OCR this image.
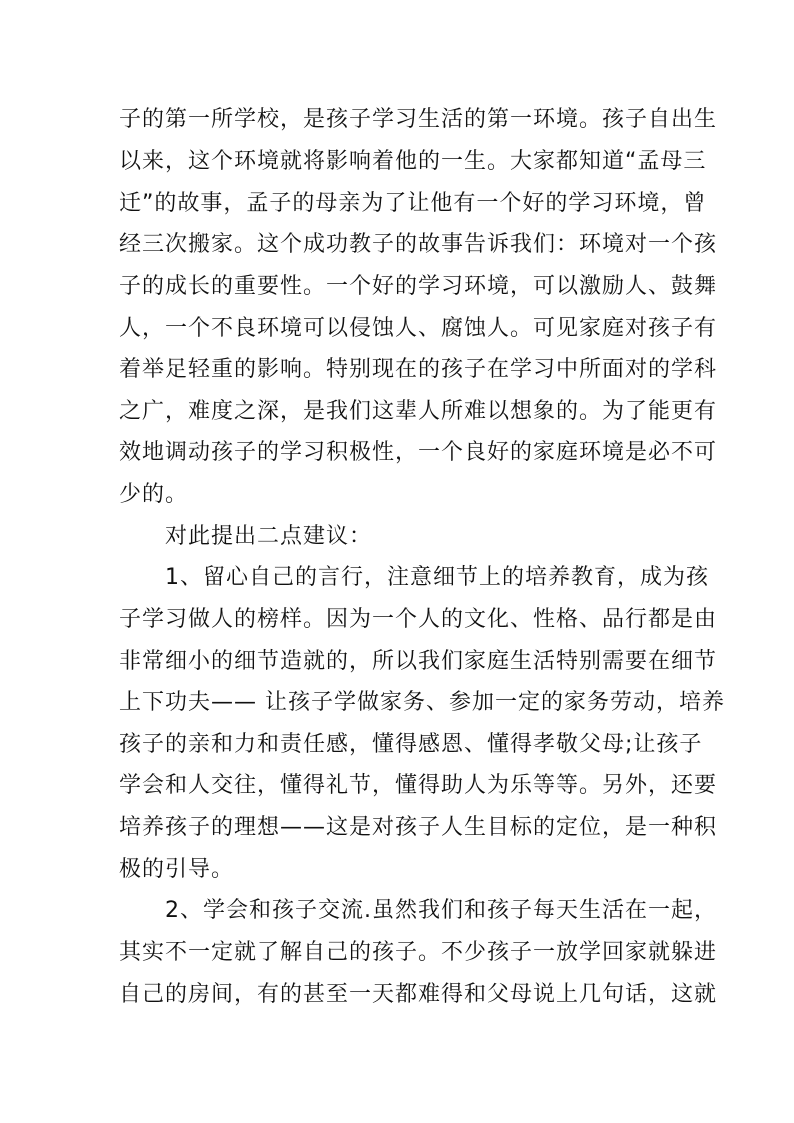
子的第一所学校，是孩子学习生活的第一环境。孩子自出生
以来，这个环境就将影响着他的一生。大家都知道“孟母三
迁”的故事，孟子的母亲为了让他有一个好的学习环境，曾
经三次搬家。这个成功教子的故事告诉我们：环境对一个孩
子的成长的重要性。一个好的学习环境，可以激励人、鼓舞
人，一个不良环境可以侵蚀人、腐蚀人。可见家庭对孩子有
着举足轻重的影响。特别现在的孩子在学习中所面对的学科
之广，难度之深，是我们这辈人所难以想象的。为了能更有
效地调动孩子的学习积极性，一个良好的家庭环境是必不可
少的。
对此提出二点建议：
1、留心自己的言行，注意细节上的培养教育，成为孩
子学习做人的榜样。因为一个人的文化、性格、品行都是由
非常细小的细节造就的，所以我们家庭生活特别需要在细节
上下功夫—— 让孩子学做家务、参加一定的家务劳动，培养
孩子的亲和力和责任感，懂得感恩、懂得孝敬父母;让孩子
学会和人交往，懂得礼节，懂得助人为乐等等。另外，还要
培养孩子的理想——这是对孩子人生目标的定位，是一种积
极的引导。
2、学会和孩子交流.虽然我们和孩子每天生活在一起，
其实不一定就了解自己的孩子。不少孩子一放学回家就躲进
自己的房间，有的甚至一天都难得和父母说上几句话，这就
